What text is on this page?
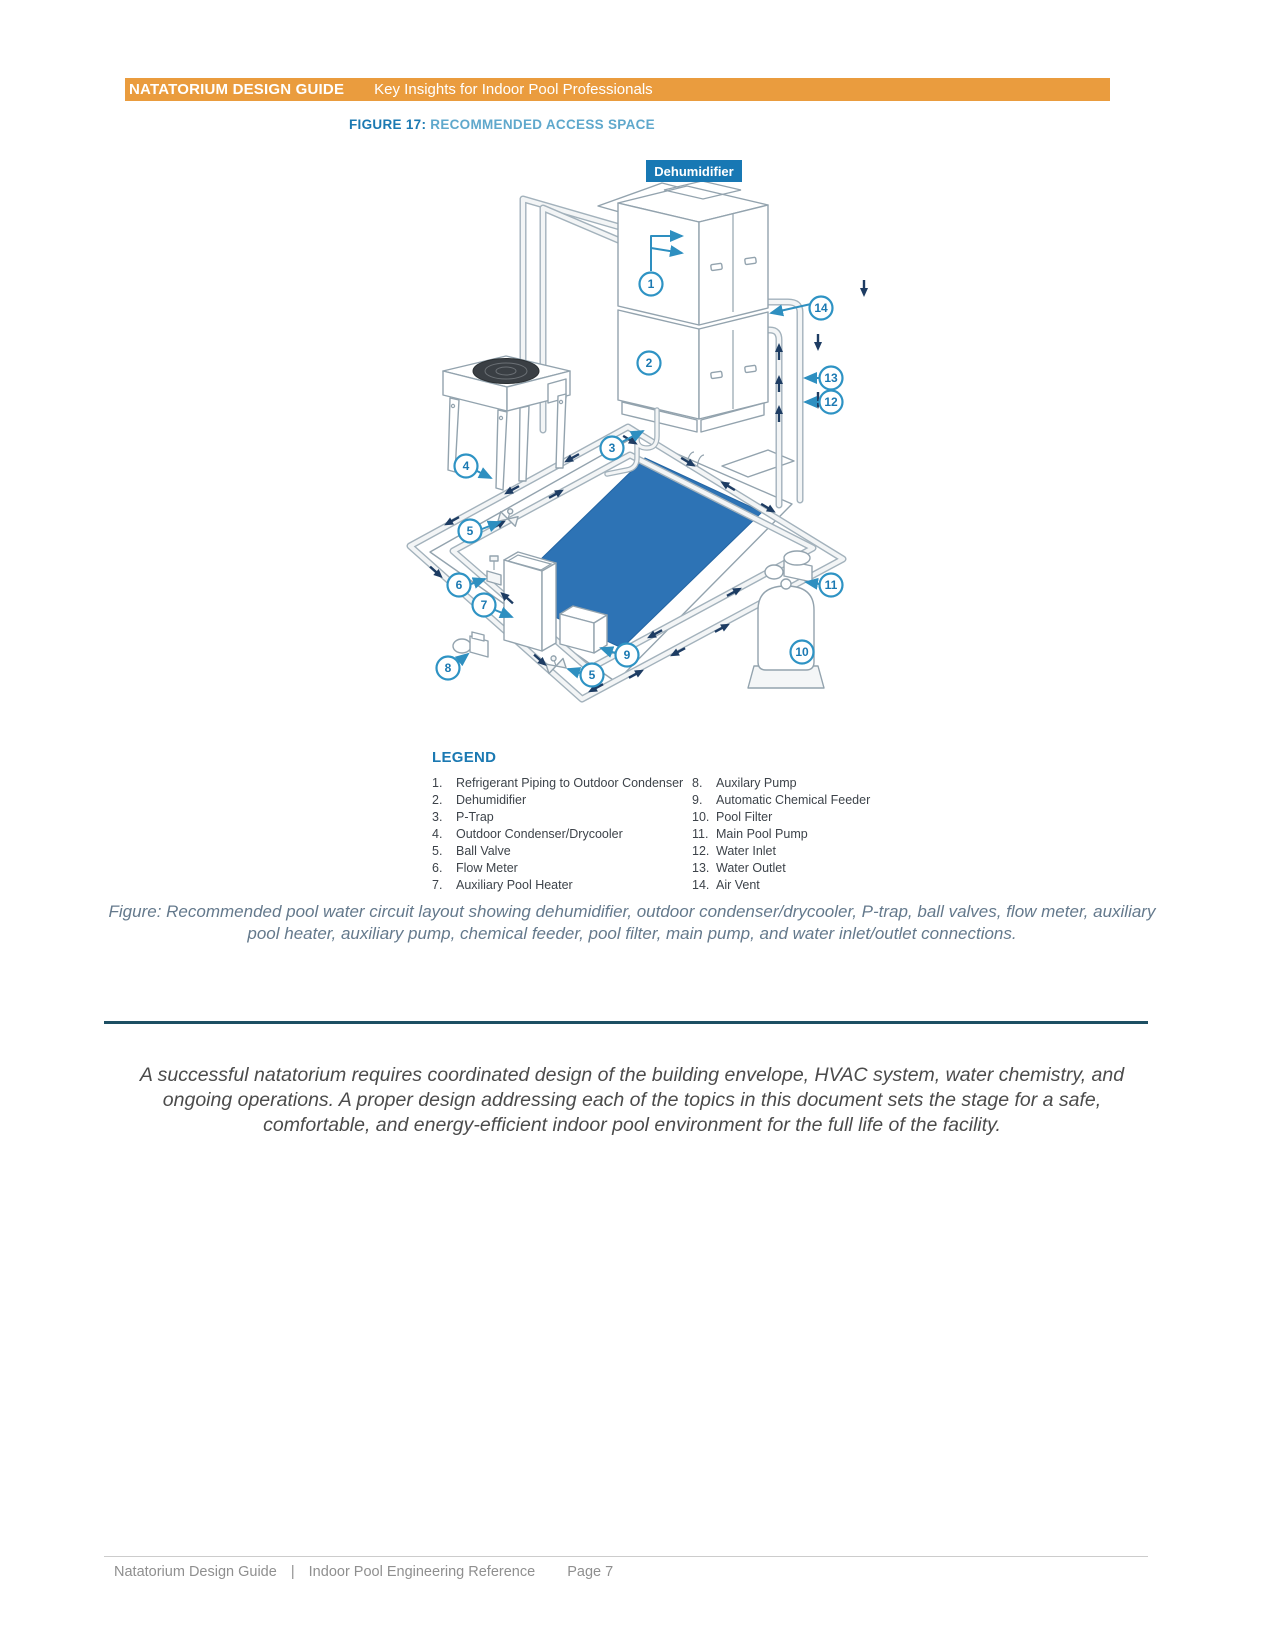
NATATORIUM DESIGN GUIDE Key Insights for Indoor Pool Professionals
FIGURE 17: RECOMMENDED ACCESS SPACE
Dehumidifier
1
2
3
4
5
6
7
8
9
5
10
11
12
13
14
LEGEND
1.	Refrigerant Piping to Outdoor Condenser
2.	Dehumidifier
3.	P-Trap
4.	Outdoor Condenser/Drycooler
5.	Ball Valve
6.	Flow Meter
7.	Auxiliary Pool Heater
8.	Auxilary Pump
9.	Automatic Chemical Feeder
10. Pool Filter
11. Main Pool Pump
12. Water Inlet
13. Water Outlet
14. Air Vent
Figure: Recommended pool water circuit layout showing dehumidifier, outdoor condenser/drycooler, P-trap, ball valves, flow meter, auxiliary pool heater, auxiliary pump, chemical feeder, pool filter, main pump, and water inlet/outlet connections.
A successful natatorium requires coordinated design of the building envelope, HVAC system, water chemistry, and ongoing operations. A proper design addressing each of the topics in this document sets the stage for a safe, comfortable, and energy-efficient indoor pool environment for the full life of the facility.
Natatorium Design Guide | Indoor Pool Engineering Reference Page 7
